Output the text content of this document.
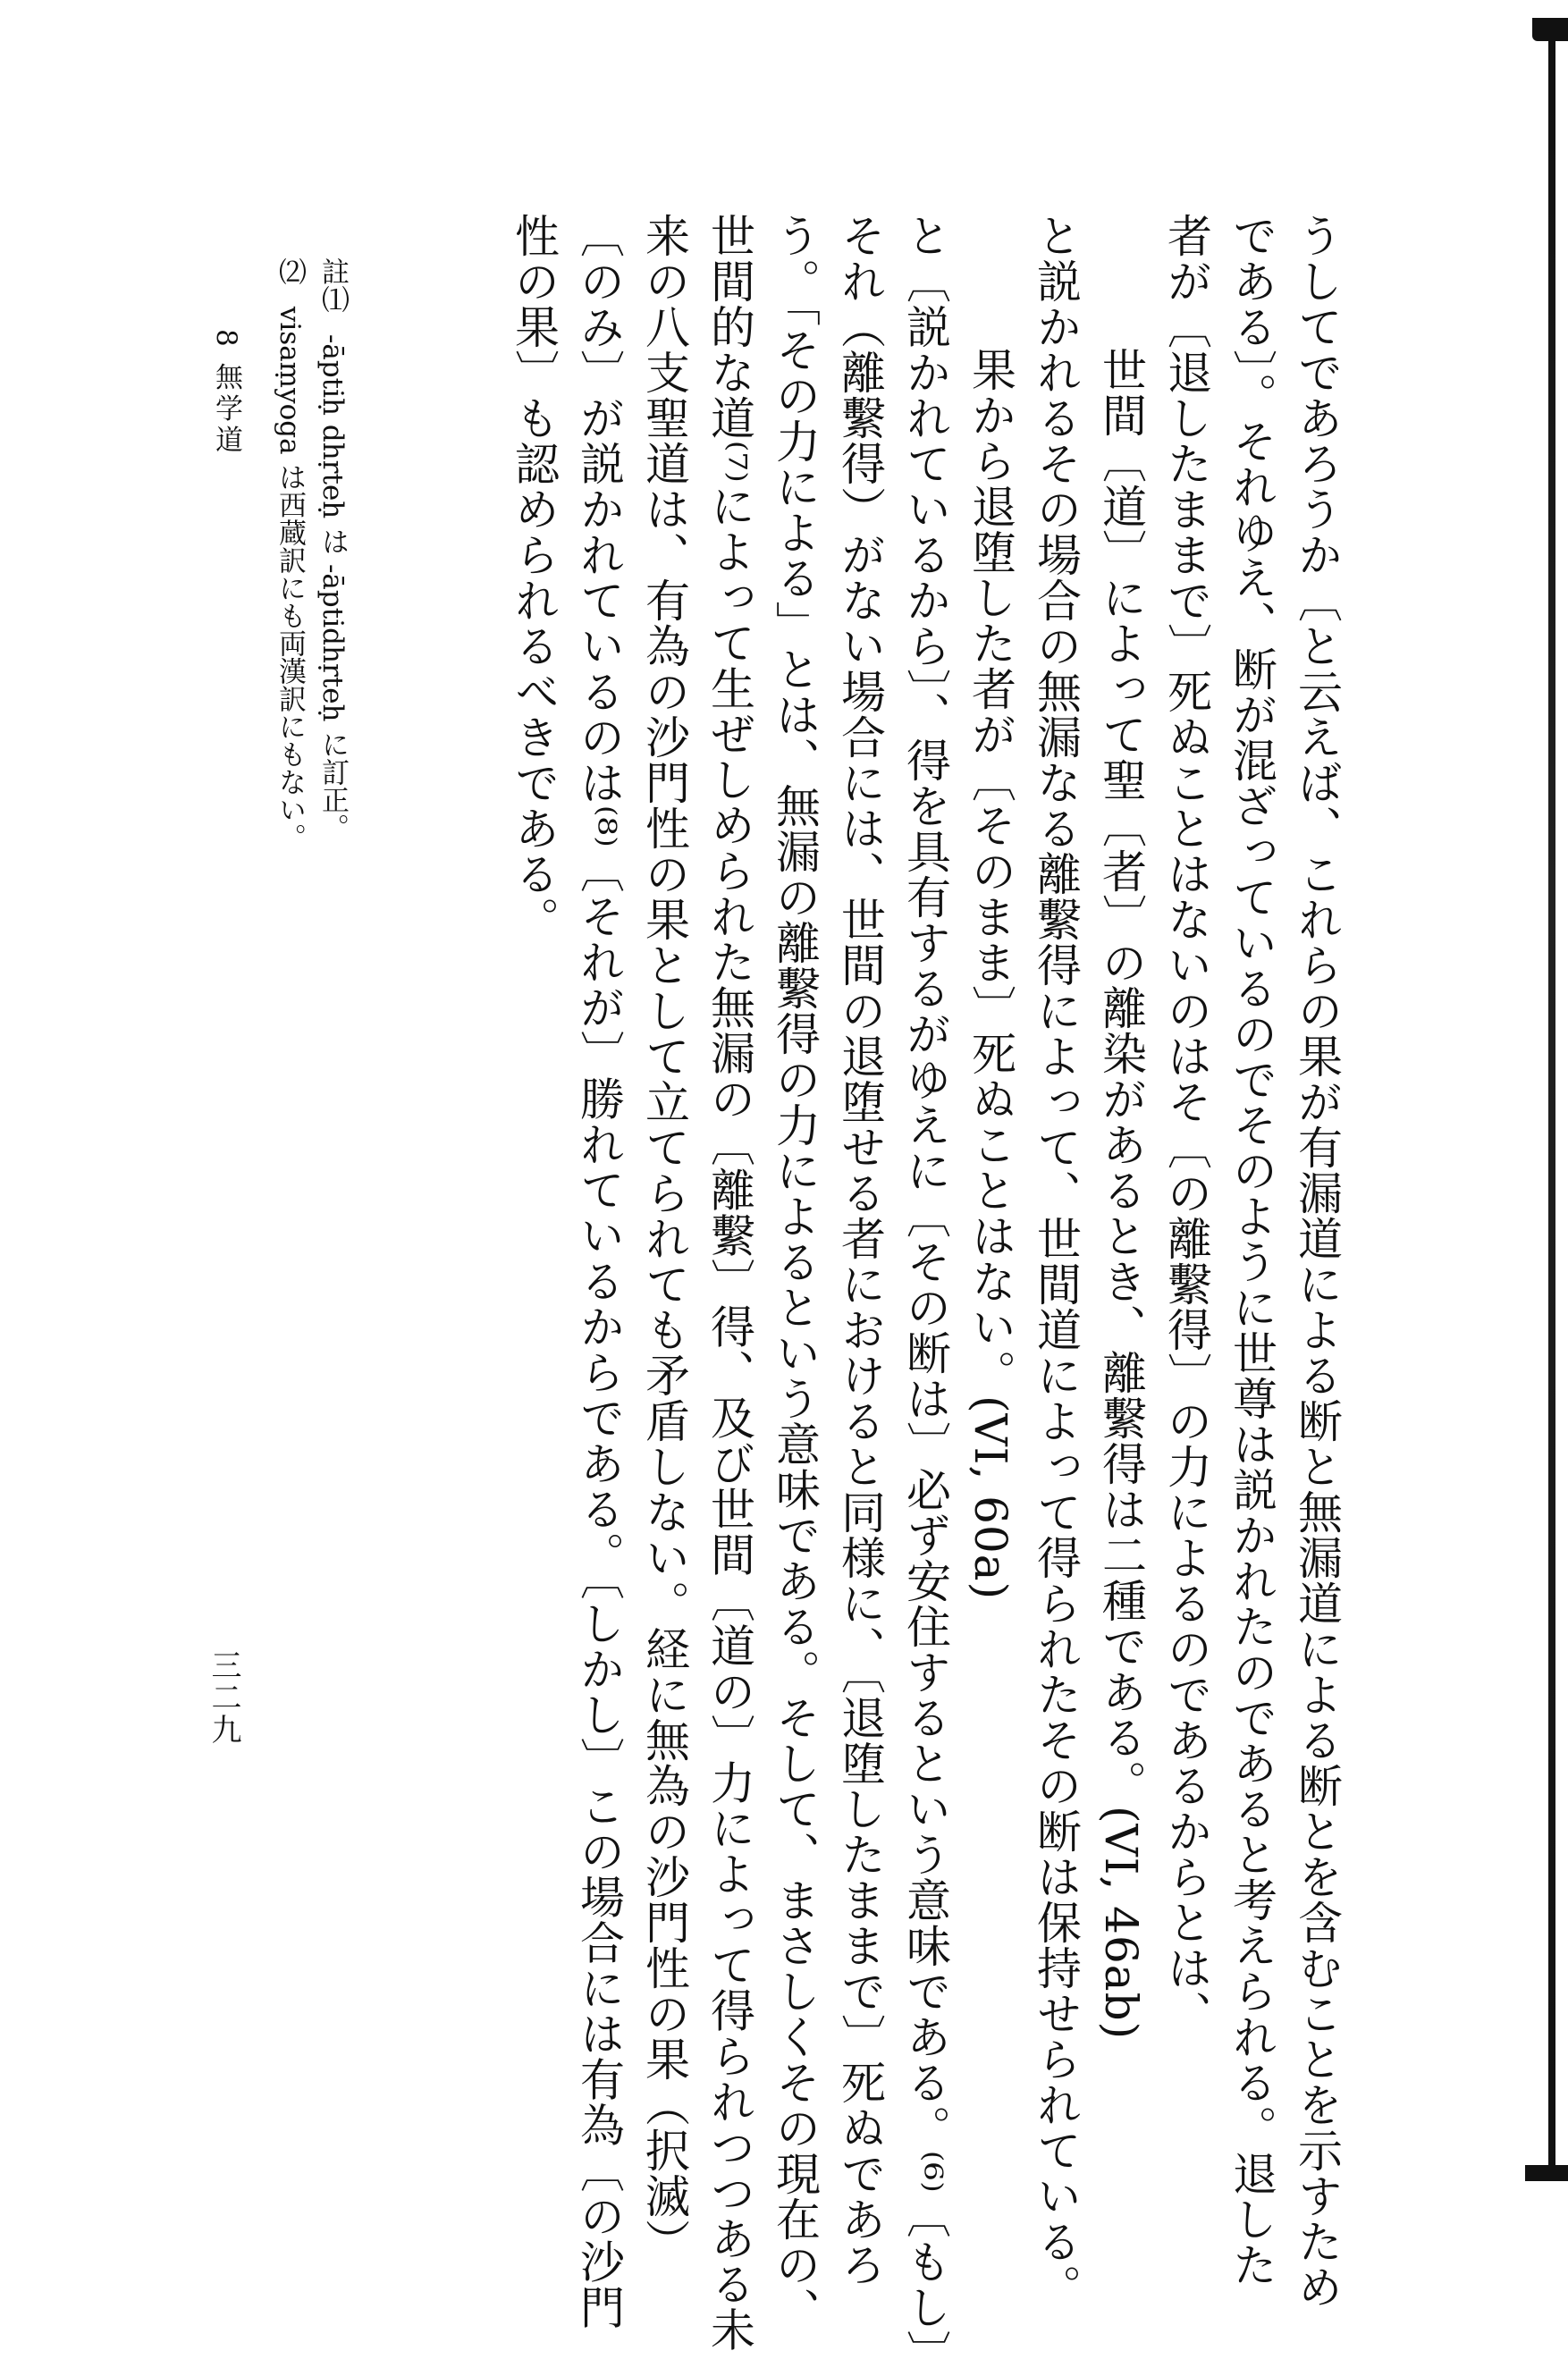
うしてであろうか〔と云えば、これらの果が有漏道による断と無漏道による断とを含むことを示すため
である〕。それゆえ、断が混ざっているのでそのように世尊は説かれたのであると考えられる。退した
者が〔退したままで〕死ぬことはないのはそ〔の離繫得〕の力によるのであるからとは、
世間〔道〕によって聖〔者〕の離染があるとき、離繫得は二種である。(VI, 46ab)
と説かれるその場合の無漏なる離繫得によって、世間道によって得られたその断は保持せられている。
果から退堕した者が〔そのまま〕死ぬことはない。(VI, 60a)
と〔説かれているから〕、得を具有するがゆえに〔その断は〕必ず安住するという意味である。⁽⁶⁾〔もし〕
それ（離繫得）がない場合には、世間の退堕せる者におけると同様に、〔退堕したままで〕死ぬであろ
う。「その力による」とは、無漏の離繫得の力によるという意味である。そして、まさしくその現在の、
世間的な道⁽⁷⁾によって生ぜしめられた無漏の〔離繫〕得、及び世間〔道の〕力によって得られつつある未
来の八支聖道は、有為の沙門性の果として立てられても矛盾しない。経に無為の沙門性の果（択滅）
〔のみ〕が説かれているのは⁽⁸⁾〔それが〕勝れているからである。〔しかし〕この場合には有為〔の沙門
性の果〕も認められるべきである。
註⑴ -āptiḥ dhṛteḥ は -āptidhṛteḥ に訂正。
⑵ visaṃyoga は西蔵訳にも両漢訳にもない。
8 無学道
三二九
